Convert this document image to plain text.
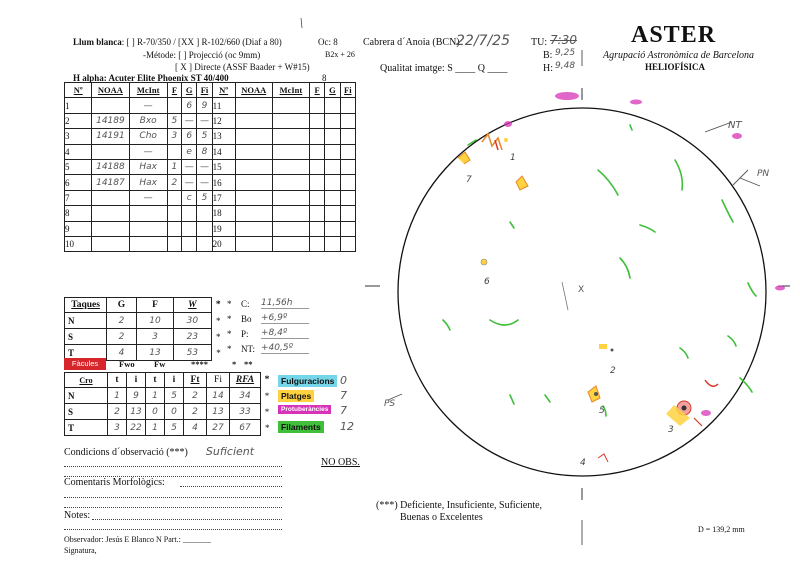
Llum blanca: [ ] R-70/350 / [XX ] R-102/660 (Diaf a 80)	Oc: 8
-Métode: [ ] Projecció (oc 9mm)	B2x + 26
[ X ] Directe (ASSF Baader + W#15)
H alpha: Acuter Elite Phoenix ST 40/400	8
Cabrera d´Anoia (BCN):
22/7/25 TU: 7:30
B: 9,25
Qualitat imatge: S ____ Q ____	H: 9,48
ASTER
Agrupació Astronòmica de Barcelona
HELIOFÍSICA
Nº	NOAA	McInt	F	G	Fi	Nº	NOAA	McInt	F	G	Fi
1		—		6	9	11					
2	14189	Bxo	5	—	—	12					
3	14191	Cho	3	6	5	13					
4		—		e	8	14					
5	14188	Hax	1	—	—	15					
6	14187	Hax	2	—	—	16					
7		—		c	5	17					
8						18					
9						19					
10						20					
Taques	G	F	W	*
N	2	10	30	*
S	2	3	23	*
T	4	13	53	*
* C: 11,56h
* Bo +6,9º
* P: +8,4º
* NT: +40,5º
Fàcules	Fwo Fw	****	* **
Cro	t	i	t	i	Ft	Fi	RFA	*
N	1	9	1	5	2	14	34	*
S	2	13	0	0	2	13	33	*
T	3	22	1	5	4	27	67	*
Fulguracions 0
Platges	7
Protuberàncies 7
Filaments 12
Condicions d´observació (***) Suficient
NO OBS.
Comentaris Morfològics:
Notes:
Observador: Jesús E Blanco N Part.: _______
Signatura,
(***) Deficiente, Insuficiente, Suficiente,
Buenas o Excelentes
D = 139,2 mm
NT
PN
PS
X
1
2
3
4
5
6
7
